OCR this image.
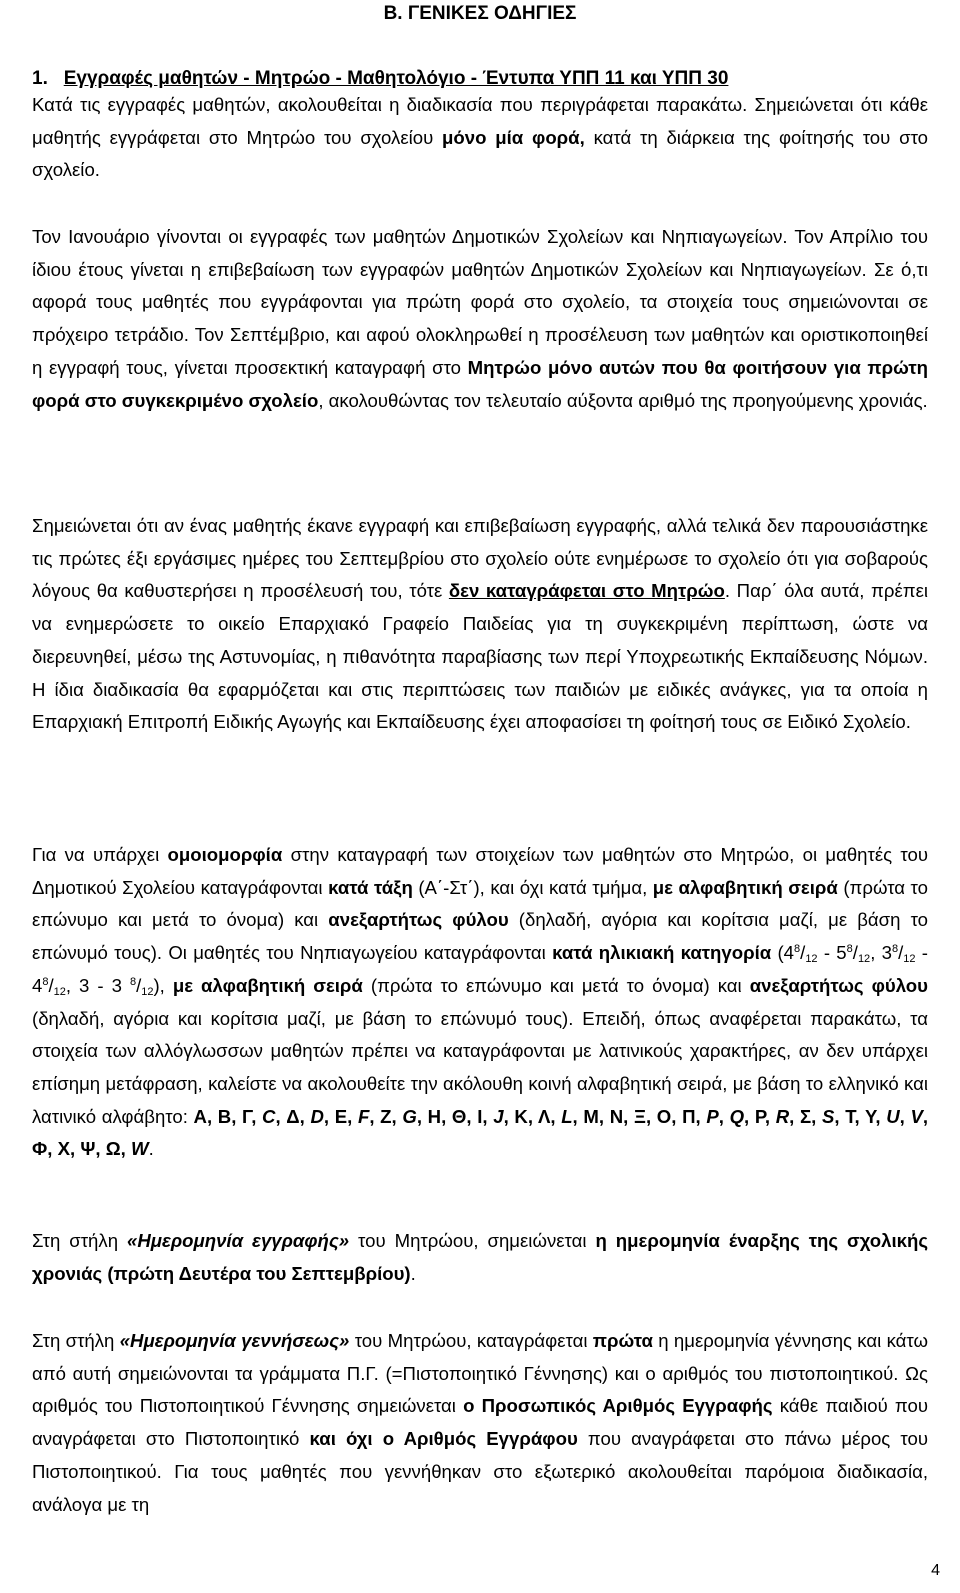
Β. ΓΕΝΙΚΕΣ ΟΔΗΓΙΕΣ
1. Εγγραφές μαθητών - Μητρώο - Μαθητολόγιο - Έντυπα ΥΠΠ 11 και ΥΠΠ 30
Κατά τις εγγραφές μαθητών, ακολουθείται η διαδικασία που περιγράφεται παρακάτω. Σημειώνεται ότι κάθε μαθητής εγγράφεται στο Μητρώο του σχολείου μόνο μία φορά, κατά τη διάρκεια της φοίτησής του στο σχολείο.
Τον Ιανουάριο γίνονται οι εγγραφές των μαθητών Δημοτικών Σχολείων και Νηπιαγωγείων. Τον Απρίλιο του ίδιου έτους γίνεται η επιβεβαίωση των εγγραφών μαθητών Δημοτικών Σχολείων και Νηπιαγωγείων. Σε ό,τι αφορά τους μαθητές που εγγράφονται για πρώτη φορά στο σχολείο, τα στοιχεία τους σημειώνονται σε πρόχειρο τετράδιο. Τον Σεπτέμβριο, και αφού ολοκληρωθεί η προσέλευση των μαθητών και οριστικοποιηθεί η εγγραφή τους, γίνεται προσεκτική καταγραφή στο Μητρώο μόνο αυτών που θα φοιτήσουν για πρώτη φορά στο συγκεκριμένο σχολείο, ακολουθώντας τον τελευταίο αύξοντα αριθμό της προηγούμενης χρονιάς.
Σημειώνεται ότι αν ένας μαθητής έκανε εγγραφή και επιβεβαίωση εγγραφής, αλλά τελικά δεν παρουσιάστηκε τις πρώτες έξι εργάσιμες ημέρες του Σεπτεμβρίου στο σχολείο ούτε ενημέρωσε το σχολείο ότι για σοβαρούς λόγους θα καθυστερήσει η προσέλευσή του, τότε δεν καταγράφεται στο Μητρώο. Παρ΄ όλα αυτά, πρέπει να ενημερώσετε το οικείο Επαρχιακό Γραφείο Παιδείας για τη συγκεκριμένη περίπτωση, ώστε να διερευνηθεί, μέσω της Αστυνομίας, η πιθανότητα παραβίασης των περί Υποχρεωτικής Εκπαίδευσης Νόμων. Η ίδια διαδικασία θα εφαρμόζεται και στις περιπτώσεις των παιδιών με ειδικές ανάγκες, για τα οποία η Επαρχιακή Επιτροπή Ειδικής Αγωγής και Εκπαίδευσης έχει αποφασίσει τη φοίτησή τους σε Ειδικό Σχολείο.
Για να υπάρχει ομοιομορφία στην καταγραφή των στοιχείων των μαθητών στο Μητρώο, οι μαθητές του Δημοτικού Σχολείου καταγράφονται κατά τάξη (Α΄-Στ΄), και όχι κατά τμήμα, με αλφαβητική σειρά (πρώτα το επώνυμο και μετά το όνομα) και ανεξαρτήτως φύλου (δηλαδή, αγόρια και κορίτσια μαζί, με βάση το επώνυμό τους). Οι μαθητές του Νηπιαγωγείου καταγράφονται κατά ηλικιακή κατηγορία ($4^8/_{12} - 5^8/_{12}$, $3^8/_{12} - 4^8/_{12}$, 3 - 3 $^8/_{12}$), με αλφαβητική σειρά (πρώτα το επώνυμο και μετά το όνομα) και ανεξαρτήτως φύλου (δηλαδή, αγόρια και κορίτσια μαζί, με βάση το επώνυμό τους). Επειδή, όπως αναφέρεται παρακάτω, τα στοιχεία των αλλόγλωσσων μαθητών πρέπει να καταγράφονται με λατινικούς χαρακτήρες, αν δεν υπάρχει επίσημη μετάφραση, καλείστε να ακολουθείτε την ακόλουθη κοινή αλφαβητική σειρά, με βάση το ελληνικό και λατινικό αλφάβητο: Α, Β, Γ, C, Δ, D, Ε, F, Ζ, G, Η, Θ, Ι, J, Κ, Λ, L, Μ, Ν, Ξ, Ο, Π, P, Q, Ρ, R, Σ, S, Τ, Υ, U, V, Φ, Χ, Ψ, Ω, W.
Στη στήλη «Ημερομηνία εγγραφής» του Μητρώου, σημειώνεται η ημερομηνία έναρξης της σχολικής χρονιάς (πρώτη Δευτέρα του Σεπτεμβρίου).
Στη στήλη «Ημερομηνία γεννήσεως» του Μητρώου, καταγράφεται πρώτα η ημερομηνία γέννησης και κάτω από αυτή σημειώνονται τα γράμματα Π.Γ. (=Πιστοποιητικό Γέννησης) και ο αριθμός του πιστοποιητικού. Ως αριθμός του Πιστοποιητικού Γέννησης σημειώνεται ο Προσωπικός Αριθμός Εγγραφής κάθε παιδιού που αναγράφεται στο Πιστοποιητικό και όχι ο Αριθμός Εγγράφου που αναγράφεται στο πάνω μέρος του Πιστοποιητικού. Για τους μαθητές που γεννήθηκαν στο εξωτερικό ακολουθείται παρόμοια διαδικασία, ανάλογα με τη
4
